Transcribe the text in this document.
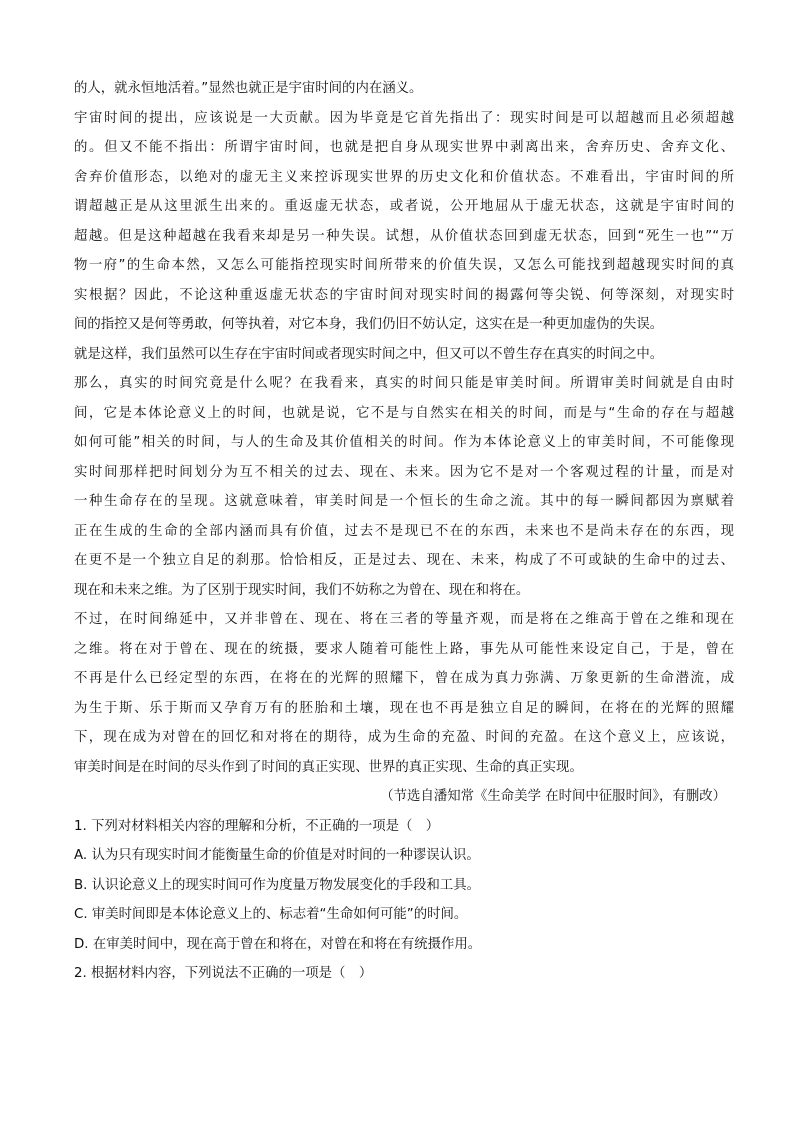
的人，就永恒地活着。”显然也就正是宇宙时间的内在涵义。

宇宙时间的提出，应该说是一大贡献。因为毕竟是它首先指出了：现实时间是可以超越而且必须超越

的。但又不能不指出：所谓宇宙时间，也就是把自身从现实世界中剥离出来，舍弃历史、舍弃文化、

舍弃价值形态，以绝对的虚无主义来控诉现实世界的历史文化和价值状态。不难看出，宇宙时间的所

谓超越正是从这里派生出来的。重返虚无状态，或者说，公开地屈从于虚无状态，这就是宇宙时间的

超越。但是这种超越在我看来却是另一种失误。试想，从价值状态回到虚无状态，回到“死生一也”“万

物一府”的生命本然，又怎么可能指控现实时间所带来的价值失误，又怎么可能找到超越现实时间的真

实根据？因此，不论这种重返虚无状态的宇宙时间对现实时间的揭露何等尖锐、何等深刻，对现实时

间的指控又是何等勇敢，何等执着，对它本身，我们仍旧不妨认定，这实在是一种更加虚伪的失误。

就是这样，我们虽然可以生存在宇宙时间或者现实时间之中，但又可以不曾生存在真实的时间之中。

那么，真实的时间究竟是什么呢？在我看来，真实的时间只能是审美时间。所谓审美时间就是自由时

间，它是本体论意义上的时间，也就是说，它不是与自然实在相关的时间，而是与“生命的存在与超越

如何可能”相关的时间，与人的生命及其价值相关的时间。作为本体论意义上的审美时间，不可能像现

实时间那样把时间划分为互不相关的过去、现在、未来。因为它不是对一个客观过程的计量，而是对

一种生命存在的呈现。这就意味着，审美时间是一个恒长的生命之流。其中的每一瞬间都因为禀赋着

正在生成的生命的全部内涵而具有价值，过去不是现已不在的东西，未来也不是尚未存在的东西，现

在更不是一个独立自足的刹那。恰恰相反，正是过去、现在、未来，构成了不可或缺的生命中的过去、

现在和未来之维。为了区别于现实时间，我们不妨称之为曾在、现在和将在。

不过，在时间绵延中，又并非曾在、现在、将在三者的等量齐观，而是将在之维高于曾在之维和现在

之维。将在对于曾在、现在的统摄，要求人随着可能性上路，事先从可能性来设定自己，于是，曾在

不再是什么已经定型的东西，在将在的光辉的照耀下，曾在成为真力弥满、万象更新的生命潜流，成

为生于斯、乐于斯而又孕育万有的胚胎和土壤，现在也不再是独立自足的瞬间，在将在的光辉的照耀

下，现在成为对曾在的回忆和对将在的期待，成为生命的充盈、时间的充盈。在这个意义上，应该说，

审美时间是在时间的尽头作到了时间的真正实现、世界的真正实现、生命的真正实现。

（节选自潘知常《生命美学 在时间中征服时间》，有删改）

1. 下列对材料相关内容的理解和分析，不正确的一项是（　）

A. 认为只有现实时间才能衡量生命的价值是对时间的一种谬误认识。

B. 认识论意义上的现实时间可作为度量万物发展变化的手段和工具。

C. 审美时间即是本体论意义上的、标志着“生命如何可能”的时间。

D. 在审美时间中，现在高于曾在和将在，对曾在和将在有统摄作用。

2. 根据材料内容，下列说法不正确的一项是（　）
